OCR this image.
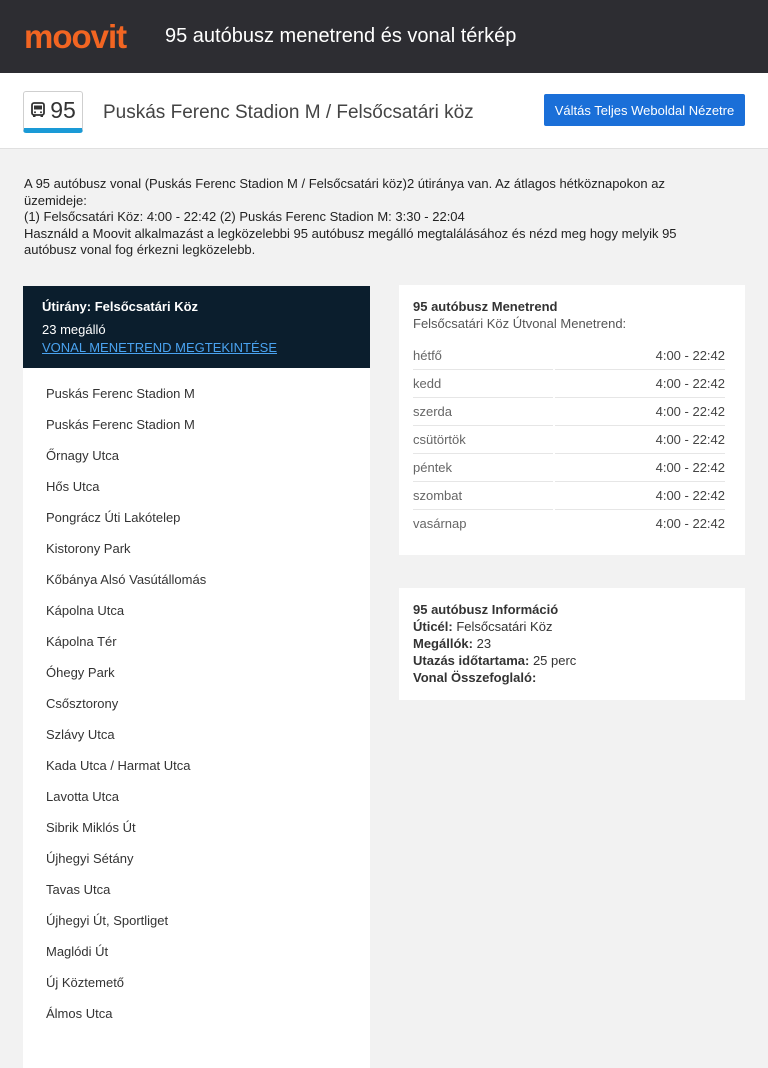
moovit 95 autóbusz menetrend és vonal térkép
95 Puskás Ferenc Stadion M / Felsőcsatári köz	Váltás Teljes Weboldal Nézetre

A 95 autóbusz vonal (Puskás Ferenc Stadion M / Felsőcsatári köz)2 útiránya van. Az átlagos hétköznapokon az üzemideje:

(1) Felsőcsatári Köz: 4:00 - 22:42 (2) Puskás Ferenc Stadion M: 3:30 - 22:04

Használd a Moovit alkalmazást a legközelebbi 95 autóbusz megálló megtalálásához és nézd meg hogy melyik 95 autóbusz vonal fog érkezni legközelebb.

Útirány: Felsőcsatári Köz
23 megálló
VONAL MENETREND MEGTEKINTÉSE
Puskás Ferenc Stadion M
Puskás Ferenc Stadion M
Őrnagy Utca
Hős Utca
Pongrácz Úti Lakótelep
Kistorony Park
Kőbánya Alsó Vasútállomás
Kápolna Utca
Kápolna Tér
Óhegy Park
Csősztorony
Szlávy Utca
Kada Utca / Harmat Utca
Lavotta Utca
Sibrik Miklós Út
Újhegyi Sétány
Tavas Utca
Újhegyi Út, Sportliget
Maglódi Út
Új Köztemető
Álmos Utca
95 autóbusz Menetrend
Felsőcsatári Köz Útvonal Menetrend:
hétfő	4:00 - 22:42
kedd	4:00 - 22:42
szerda	4:00 - 22:42
csütörtök	4:00 - 22:42
péntek	4:00 - 22:42
szombat	4:00 - 22:42
vasárnap	4:00 - 22:42
95 autóbusz Információ
Úticél: Felsőcsatári Köz
Megállók: 23
Utazás időtartama: 25 perc
Vonal Összefoglaló:
